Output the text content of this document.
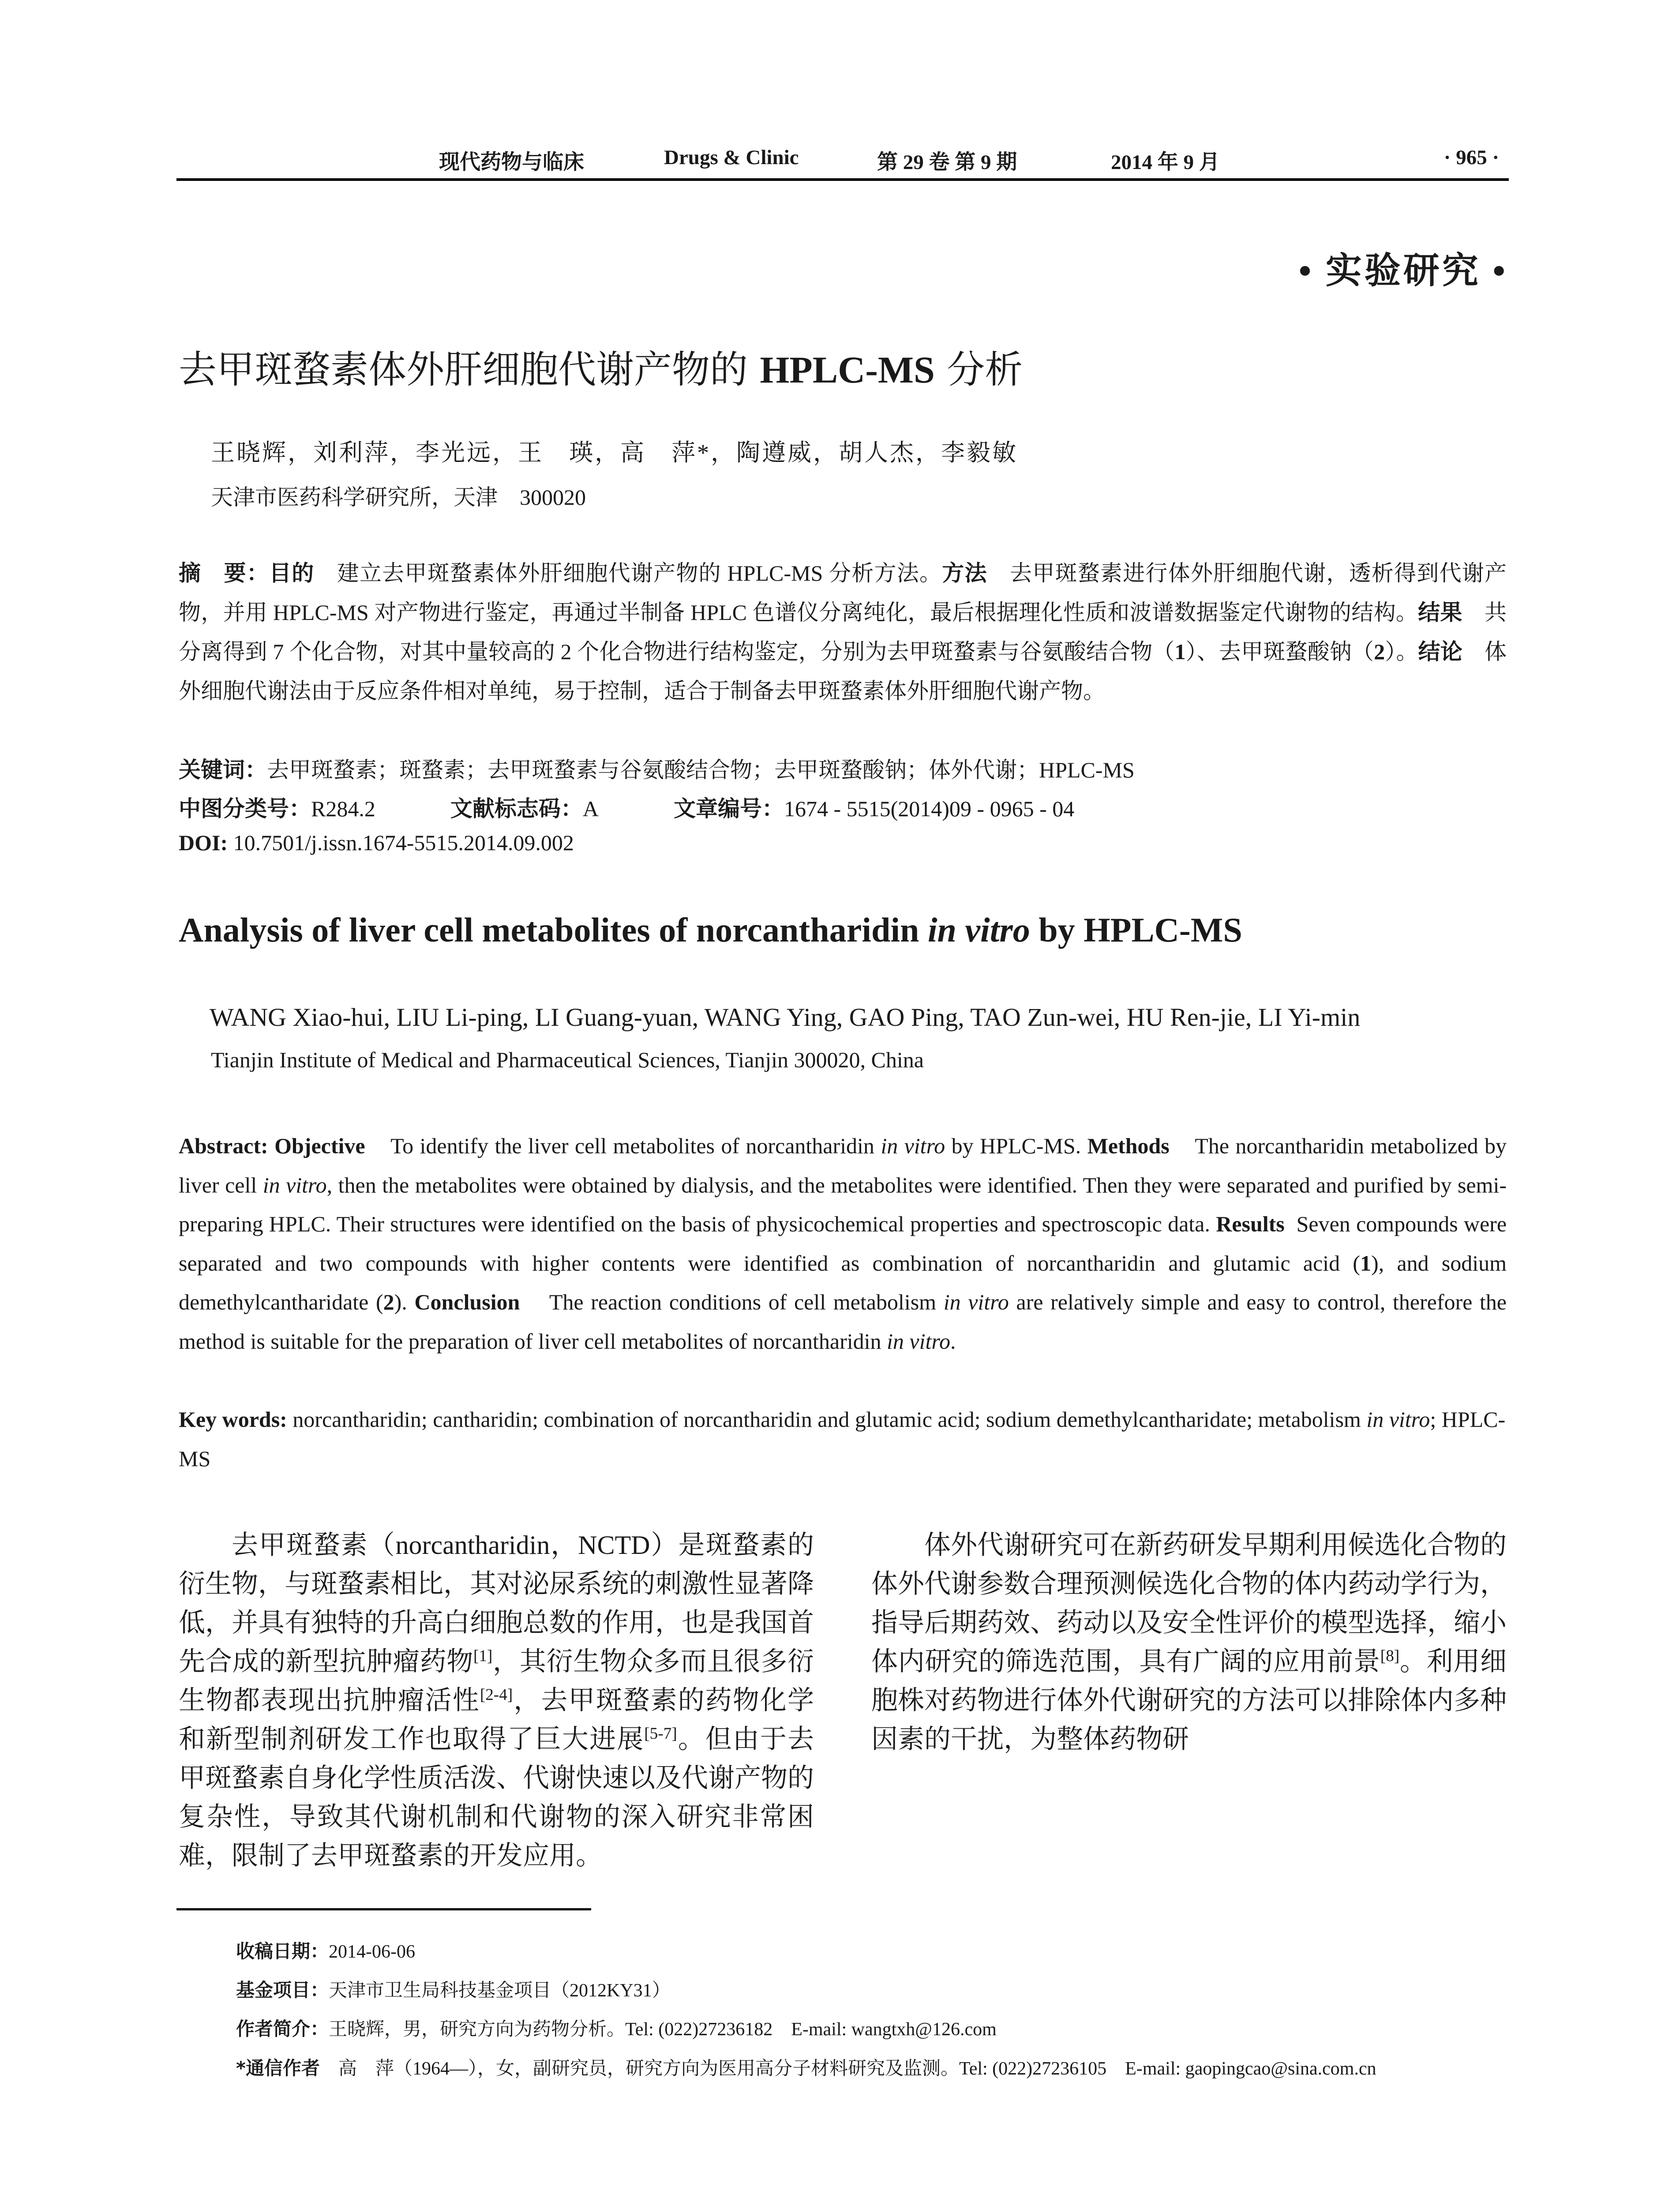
现代药物与临床	Drugs & Clinic	第 29 卷 第 9 期	2014 年 9 月	· 965 ·
• 实验研究 •
去甲斑蝥素体外肝细胞代谢产物的 HPLC-MS 分析
王晓辉，刘利萍，李光远，王　瑛，高　萍*，陶遵威，胡人杰，李毅敏
天津市医药科学研究所，天津　300020
摘　要：目的　 建立去甲斑蝥素体外肝细胞代谢产物的 HPLC-MS 分析方法。方法　 去甲斑蝥素进行体外肝细胞代谢，透析得到代谢产物，并用 HPLC-MS 对产物进行鉴定，再通过半制备 HPLC 色谱仪分离纯化，最后根据理化性质和波谱数据鉴定代谢物的结构。结果　 共分离得到 7 个化合物，对其中量较高的 2 个化合物进行结构鉴定，分别为去甲斑蝥素与谷氨酸结合物（1）、去甲斑蝥酸钠（2）。结论　 体外细胞代谢法由于反应条件相对单纯，易于控制，适合于制备去甲斑蝥素体外肝细胞代谢产物。
关键词：去甲斑蝥素；斑蝥素；去甲斑蝥素与谷氨酸结合物；去甲斑蝥酸钠；体外代谢；HPLC-MS
中图分类号：R284.2	文献标志码：A	文章编号：1674 - 5515(2014)09 - 0965 - 04
DOI: 10.7501/j.issn.1674-5515.2014.09.002
Analysis of liver cell metabolites of norcantharidin in vitro by HPLC-MS
WANG Xiao-hui, LIU Li-ping, LI Guang-yuan, WANG Ying, GAO Ping, TAO Zun-wei, HU Ren-jie, LI Yi-min
Tianjin Institute of Medical and Pharmaceutical Sciences, Tianjin 300020, China
Abstract: Objective To identify the liver cell metabolites of norcantharidin in vitro by HPLC-MS. Methods The norcantharidin metabolized by liver cell in vitro, then the metabolites were obtained by dialysis, and the metabolites were identified. Then they were separated and purified by semi-preparing HPLC. Their structures were identified on the basis of physicochemical properties and spectroscopic data. Results Seven compounds were separated and two compounds with higher contents were identified as combination of norcantharidin and glutamic acid (1), and sodium demethylcantharidate (2). Conclusion The reaction conditions of cell metabolism in vitro are relatively simple and easy to control, therefore the method is suitable for the preparation of liver cell metabolites of norcantharidin in vitro.
Key words: norcantharidin; cantharidin; combination of norcantharidin and glutamic acid; sodium demethylcantharidate; metabolism in vitro; HPLC-MS

去甲斑蝥素（norcantharidin，NCTD）是斑蝥素的衍生物，与斑蝥素相比，其对泌尿系统的刺激性显著降低，并具有独特的升高白细胞总数的作用，也是我国首先合成的新型抗肿瘤药物[1]，其衍生物众多而且很多衍生物都表现出抗肿瘤活性[2-4]，去甲斑蝥素的药物化学和新型制剂研发工作也取得了巨大进展[5-7]。但由于去甲斑蝥素自身化学性质活泼、代谢快速以及代谢产物的复杂性，导致其代谢机制和代谢物的深入研究非常困难，限制了去甲斑蝥素的开发应用。

体外代谢研究可在新药研发早期利用候选化合物的体外代谢参数合理预测候选化合物的体内药动学行为，指导后期药效、药动以及安全性评价的模型选择，缩小体内研究的筛选范围，具有广阔的应用前景[8]。利用细胞株对药物进行体外代谢研究的方法可以排除体内多种因素的干扰，为整体药物研

收稿日期：2014-06-06
基金项目：天津市卫生局科技基金项目（2012KY31）
作者简介：王晓辉，男，研究方向为药物分析。Tel: (022)27236182　E-mail: wangtxh@126.com
*通信作者　高　萍（1964—），女，副研究员，研究方向为医用高分子材料研究及监测。Tel: (022)27236105　E-mail: gaopingcao@sina.com.cn
